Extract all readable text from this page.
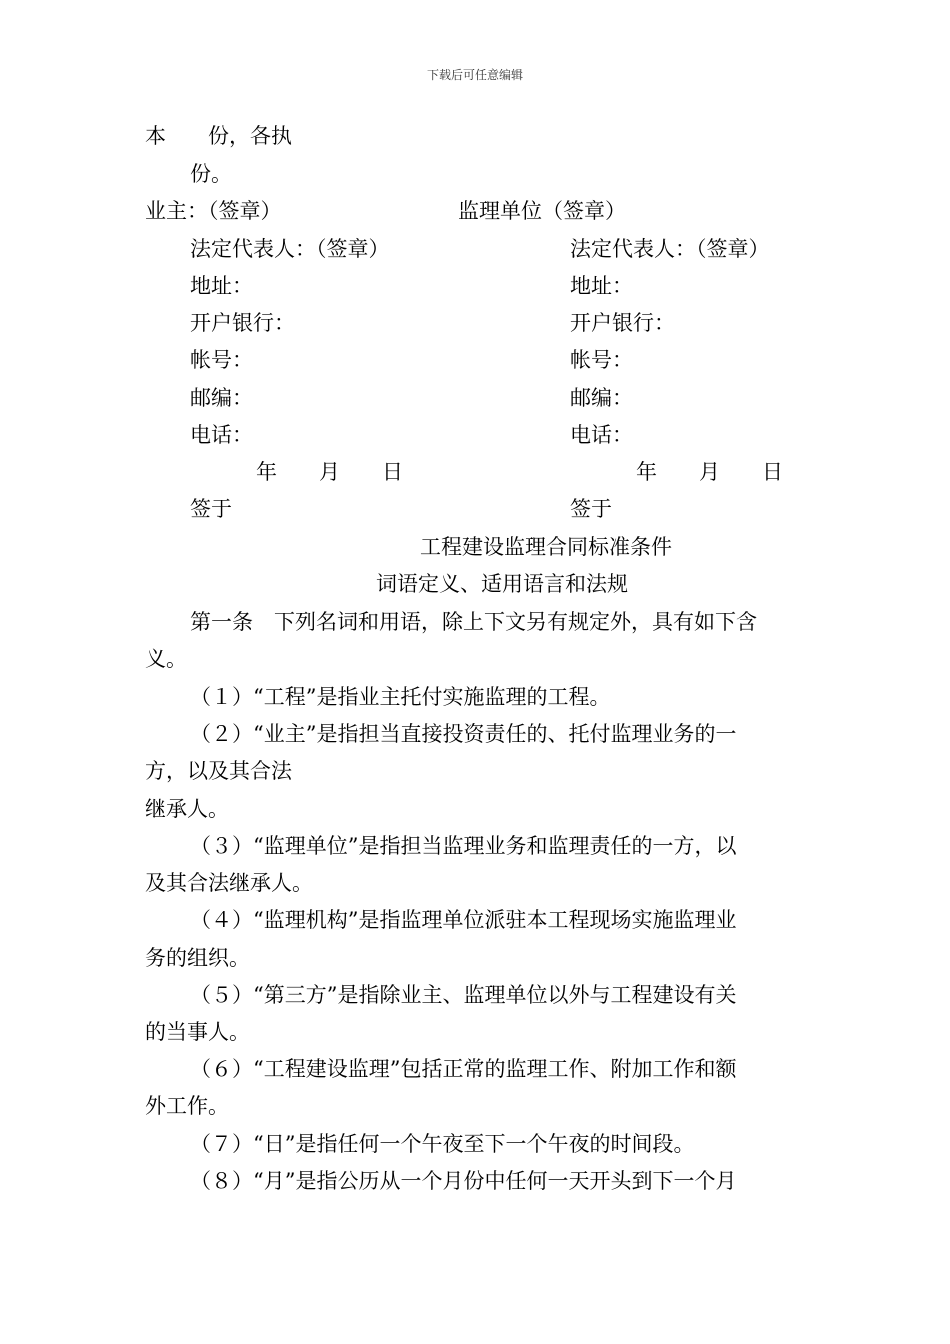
下载后可任意编辑
本　　份，各执
份。
业主：（签章）	监理单位（签章）
法定代表人：（签章）
地址：
开户银行：
帐号：
邮编：
电话：
年　　月　　日
签于
法定代表人：（签章）
地址：
开户银行：
帐号：
邮编：
电话：
年　　月　　日
签于
工程建设监理合同标准条件
词语定义、适用语言和法规
第一条　下列名词和用语，除上下文另有规定外，具有如下含
义。
（１）“工程”是指业主托付实施监理的工程。
（２）“业主”是指担当直接投资责任的、托付监理业务的一
方，以及其合法
继承人。
（３）“监理单位”是指担当监理业务和监理责任的一方，以
及其合法继承人。
（４）“监理机构”是指监理单位派驻本工程现场实施监理业
务的组织。
（５）“第三方”是指除业主、监理单位以外与工程建设有关
的当事人。
（６）“工程建设监理”包括正常的监理工作、附加工作和额
外工作。
（７）“日”是指任何一个午夜至下一个午夜的时间段。
（８）“月”是指公历从一个月份中任何一天开头到下一个月
